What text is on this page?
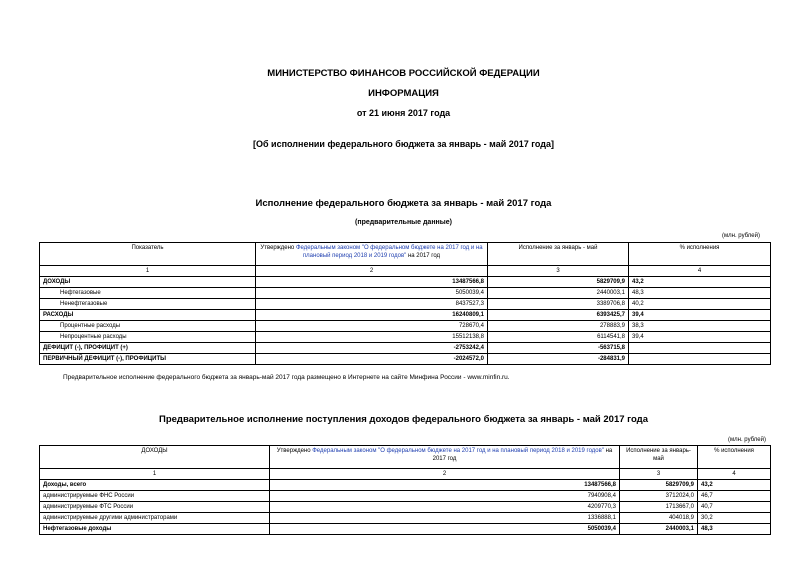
МИНИСТЕРСТВО ФИНАНСОВ РОССИЙСКОЙ ФЕДЕРАЦИИ
ИНФОРМАЦИЯ
от 21 июня 2017 года
[Об исполнении федерального бюджета за январь - май 2017 года]
Исполнение федерального бюджета за январь - май 2017 года
(предварительные данные)
(млн. рублей)
Показатель	Утверждено Федеральным законом "О федеральном бюджете на 2017 год и на плановый период 2018 и 2019 годов" на 2017 год	Исполнение за январь - май	% исполнения
1	2	3	4
ДОХОДЫ	13487566,8	5829709,9	43,2
Нефтегазовые	5050039,4	2440003,1	48,3
Ненефтегазовые	8437527,3	3389706,8	40,2
РАСХОДЫ	16240809,1	6393425,7	39,4
Процентные расходы	728670,4	278883,9	38,3
Непроцентные расходы	15512138,8	6114541,8	39,4
ДЕФИЦИТ (-), ПРОФИЦИТ (+)	-2753242,4	-563715,8	
ПЕРВИЧНЫЙ ДЕФИЦИТ (-), ПРОФИЦИТЫ	-2024572,0	-284831,9	
Предварительное исполнение федерального бюджета за январь-май 2017 года размещено в Интернете на сайте Минфина России - www.minfin.ru.
Предварительное исполнение поступления доходов федерального бюджета за январь - май 2017 года
(млн. рублей)
ДОХОДЫ	Утверждено Федеральным законом "О федеральном бюджете на 2017 год и на плановый период 2018 и 2019 годов" на 2017 год	Исполнение за январь- май	% исполнения
1	2	3	4
Доходы, всего	13487566,8	5829709,9	43,2
администрируемые ФНС России	7940908,4	3712024,0	46,7
администрируемые ФТС России	4209770,3	1713667,0	40,7
администрируемые другими администраторами	1336888,1	404018,9	30,2
Нефтегазовые доходы	5050039,4	2440003,1	48,3
